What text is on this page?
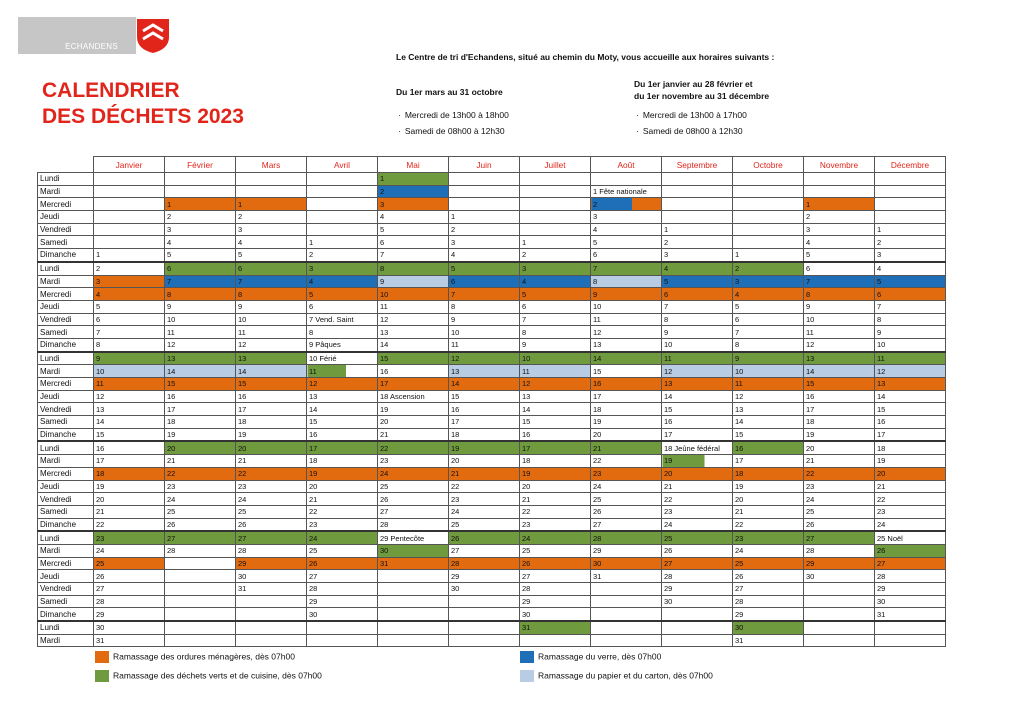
ECHANDENS
CALENDRIER
DES DÉCHETS 2023
Le Centre de tri d'Echandens, situé au chemin du Moty, vous accueille aux horaires suivants :
Du 1er mars au 31 octobre
· Mercredi de 13h00 à 18h00
· Samedi de 08h00 à 12h30
Du 1er janvier au 28 février et
du 1er novembre au 31 décembre
· Mercredi de 13h00 à 17h00
· Samedi de 08h00 à 12h30
	Janvier	Février	Mars	Avril	Mai	Juin	Juillet	Août	Septembre	Octobre	Novembre	Décembre
Lundi					1							
Mardi					2			1 Fête nationale				
Mercredi		1	1		3			2			1	
Jeudi		2	2		4	1		3			2	
Vendredi		3	3		5	2		4	1		3	1
Samedi		4	4	1	6	3	1	5	2		4	2
Dimanche	1	5	5	2	7	4	2	6	3	1	5	3
Lundi	2	6	6	3	8	5	3	7	4	2	6	4
Mardi	3	7	7	4	9	6	4	8	5	3	7	5
Mercredi	4	8	8	5	10	7	5	9	6	4	8	6
Jeudi	5	9	9	6	11	8	6	10	7	5	9	7
Vendredi	6	10	10	7 Vend. Saint	12	9	7	11	8	6	10	8
Samedi	7	11	11	8	13	10	8	12	9	7	11	9
Dimanche	8	12	12	9 Pâques	14	11	9	13	10	8	12	10
Lundi	9	13	13	10 Férié	15	12	10	14	11	9	13	11
Mardi	10	14	14	11	16	13	11	15	12	10	14	12
Mercredi	11	15	15	12	17	14	12	16	13	11	15	13
Jeudi	12	16	16	13	18 Ascension	15	13	17	14	12	16	14
Vendredi	13	17	17	14	19	16	14	18	15	13	17	15
Samedi	14	18	18	15	20	17	15	19	16	14	18	16
Dimanche	15	19	19	16	21	18	16	20	17	15	19	17
Lundi	16	20	20	17	22	19	17	21	18 Jeûne fédéral	16	20	18
Mardi	17	21	21	18	23	20	18	22	19	17	21	19
Mercredi	18	22	22	19	24	21	19	23	20	18	22	20
Jeudi	19	23	23	20	25	22	20	24	21	19	23	21
Vendredi	20	24	24	21	26	23	21	25	22	20	24	22
Samedi	21	25	25	22	27	24	22	26	23	21	25	23
Dimanche	22	26	26	23	28	25	23	27	24	22	26	24
Lundi	23	27	27	24	29 Pentecôte	26	24	28	25	23	27	25 Noël
Mardi	24	28	28	25	30	27	25	29	26	24	28	26
Mercredi	25		29	26	31	28	26	30	27	25	29	27
Jeudi	26		30	27		29	27	31	28	26	30	28
Vendredi	27		31	28		30	28		29	27		29
Samedi	28			29			29		30	28		30
Dimanche	29			30			30			29		31
Lundi	30						31			30		
Mardi	31									31		
Ramassage des ordures ménagères, dès 07h00
Ramassage des déchets verts et de cuisine, dès 07h00
Ramassage du verre, dès 07h00
Ramassage du papier et du carton, dès 07h00
